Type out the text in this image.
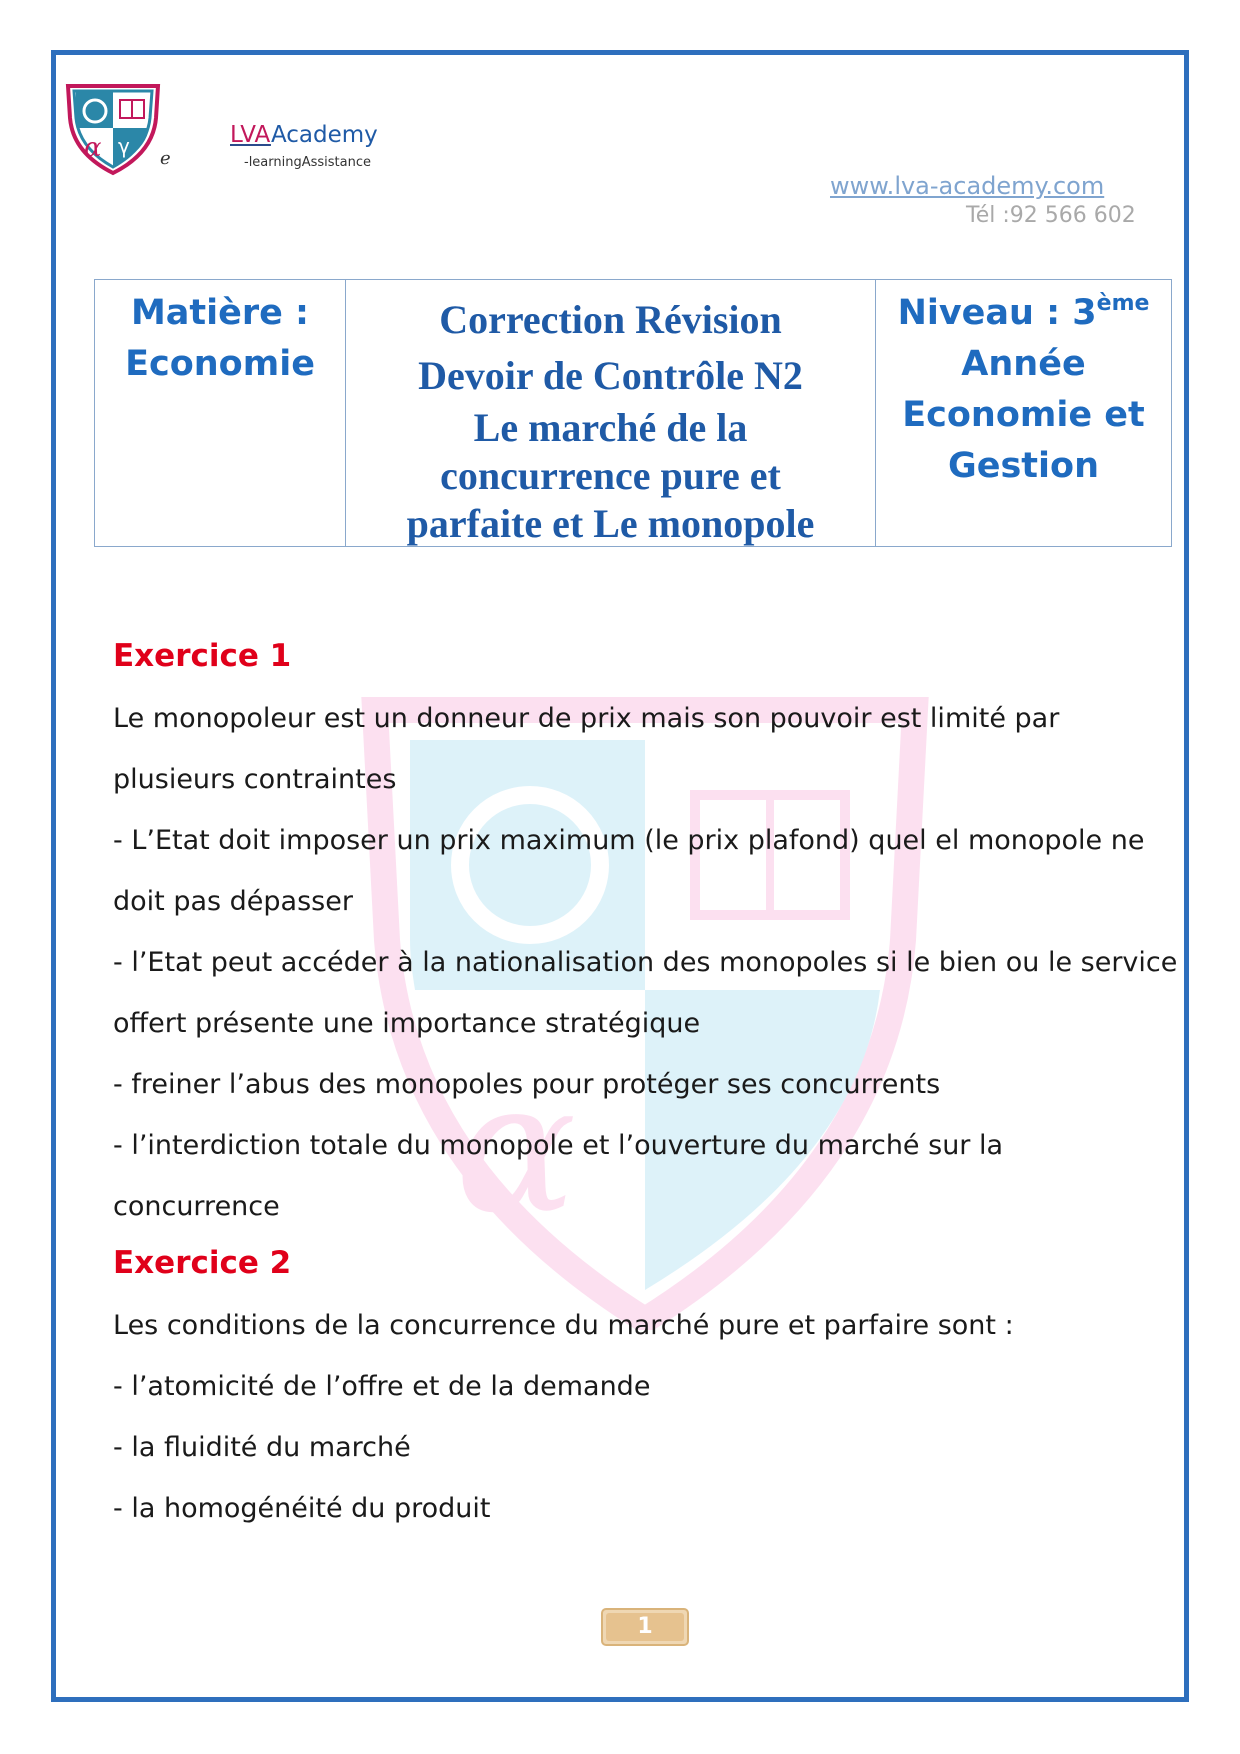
α γ
e
LVAAcademy
-learningAssistance
www.lva-academy.com
Tél :92 566 602
Matière :
Economie
Correction Révision
Devoir de Contrôle N2
Le marché de la
concurrence pure et
parfaite et Le monopole
Niveau : 3ème
Année
Economie et
Gestion
α
Exercice 1
Le monopoleur est un donneur de prix mais son pouvoir est limité par
plusieurs contraintes
- L’Etat doit imposer un prix maximum (le prix plafond) quel el monopole ne
doit pas dépasser
- l’Etat peut accéder à la nationalisation des monopoles si le bien ou le service
offert présente une importance stratégique
- freiner l’abus des monopoles pour protéger ses concurrents
- l’interdiction totale du monopole et l’ouverture du marché sur la
concurrence
Exercice 2
Les conditions de la concurrence du marché pure et parfaire sont :
- l’atomicité de l’offre et de la demande
- la fluidité du marché
- la homogénéité du produit
1
